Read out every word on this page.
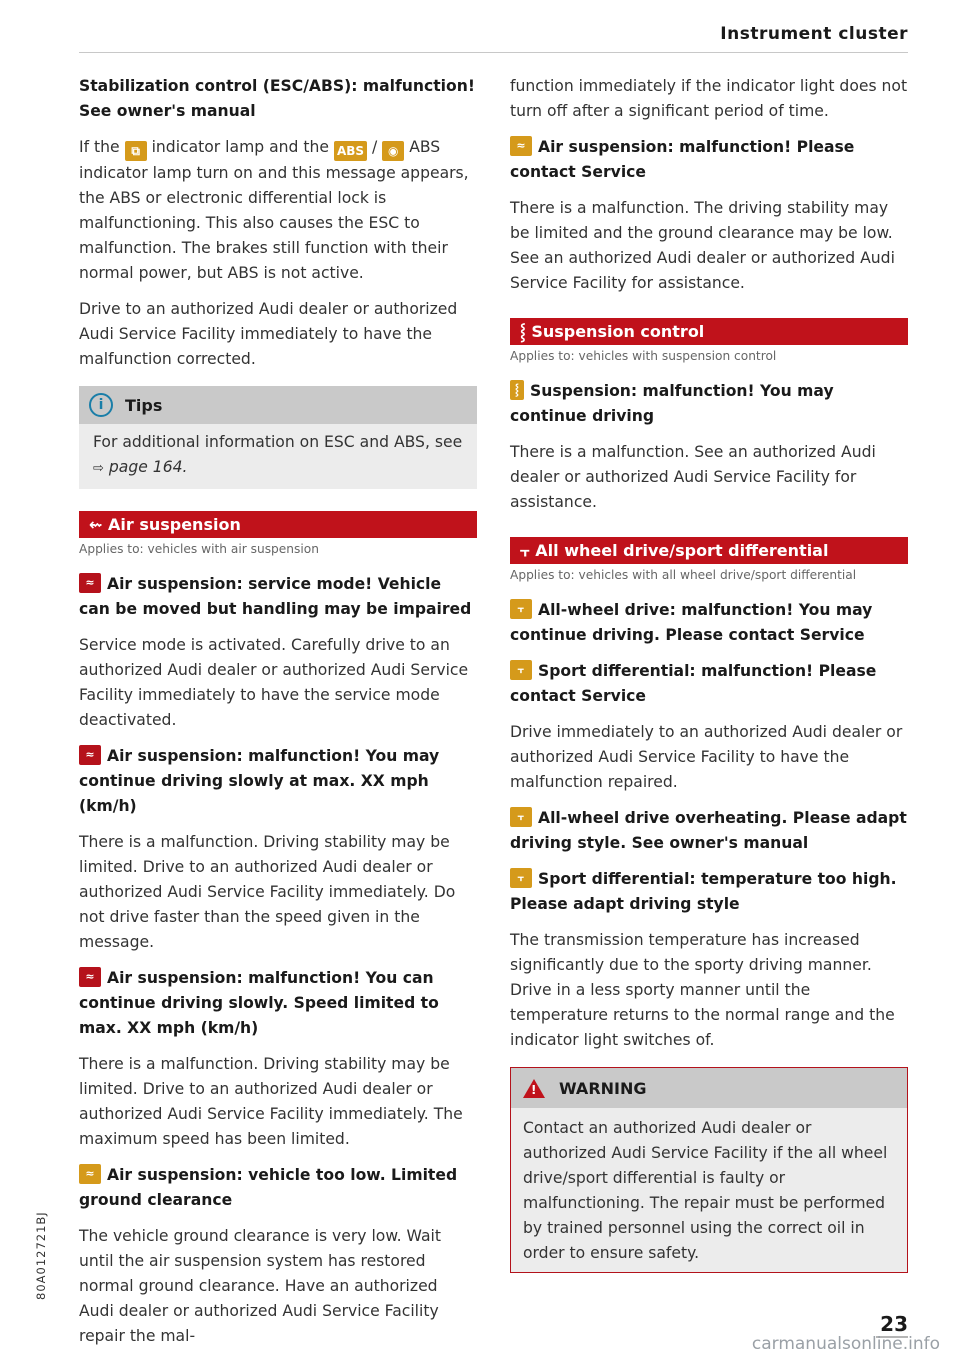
Instrument cluster
Stabilization control (ESC/ABS): malfunction! See owner's manual

If the ⧉ indicator lamp and the ABS / ◉ ABS indicator lamp turn on and this message appears, the ABS or electronic differential lock is malfunctioning. This also causes the ESC to malfunction. The brakes still function with their normal power, but ABS is not active.

Drive to an authorized Audi dealer or authorized Audi Service Facility immediately to have the malfunction corrected.

i	Tips
For additional information on ESC and ABS, see ⇨ page 164.
⇜ Air suspension
Applies to: vehicles with air suspension
≈ Air suspension: service mode! Vehicle can be moved but handling may be impaired

Service mode is activated. Carefully drive to an authorized Audi dealer or authorized Audi Service Facility immediately to have the service mode deactivated.

≈ Air suspension: malfunction! You may continue driving slowly at max. XX mph (km/h)

There is a malfunction. Driving stability may be limited. Drive to an authorized Audi dealer or authorized Audi Service Facility immediately. Do not drive faster than the speed given in the message.

≈ Air suspension: malfunction! You can continue driving slowly. Speed limited to max. XX mph (km/h)

There is a malfunction. Driving stability may be limited. Drive to an authorized Audi dealer or authorized Audi Service Facility immediately. The maximum speed has been limited.

≈ Air suspension: vehicle too low. Limited ground clearance

The vehicle ground clearance is very low. Wait until the air suspension system has restored normal ground clearance. Have an authorized Audi dealer or authorized Audi Service Facility repair the mal-

function immediately if the indicator light does not turn off after a significant period of time.

≈ Air suspension: malfunction! Please contact Service

There is a malfunction. The driving stability may be limited and the ground clearance may be low. See an authorized Audi dealer or authorized Audi Service Facility for assistance.

⸾ Suspension control
Applies to: vehicles with suspension control
⸾ Suspension: malfunction! You may continue driving

There is a malfunction. See an authorized Audi dealer or authorized Audi Service Facility for assistance.

⫟ All wheel drive/sport differential
Applies to: vehicles with all wheel drive/sport differential
⫟ All-wheel drive: malfunction! You may continue driving. Please contact Service
⫟ Sport differential: malfunction! Please contact Service

Drive immediately to an authorized Audi dealer or authorized Audi Service Facility to have the malfunction repaired.

⫟ All-wheel drive overheating. Please adapt driving style. See owner's manual
⫟ Sport differential: temperature too high. Please adapt driving style

The transmission temperature has increased significantly due to the sporty driving manner. Drive in a less sporty manner until the temperature returns to the normal range and the indicator light switches of.

! WARNING
Contact an authorized Audi dealer or authorized Audi Service Facility if the all wheel drive/sport differential is faulty or malfunctioning. The repair must be performed by trained personnel using the correct oil in order to ensure safety.
80A012721BJ
23
carmanualsonline.info
